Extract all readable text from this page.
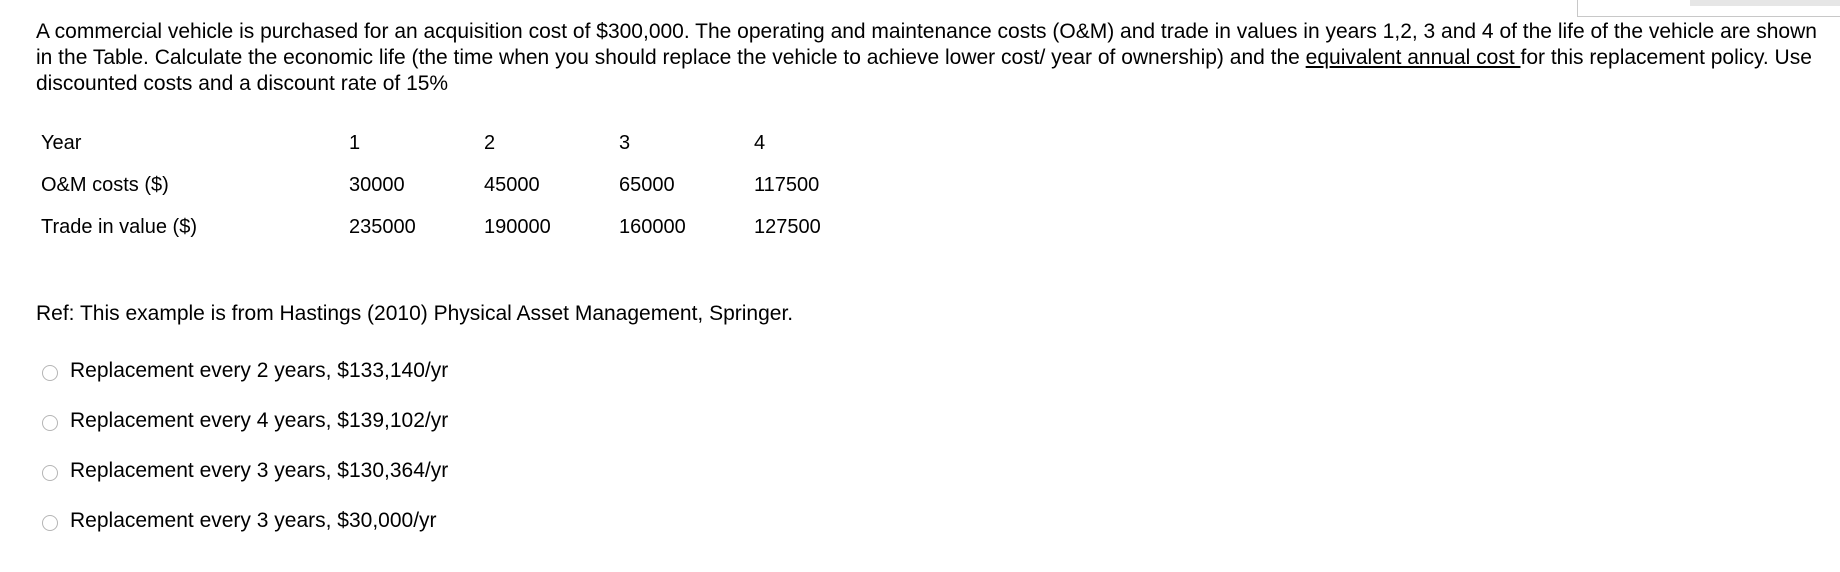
A commercial vehicle is purchased for an acquisition cost of $300,000. The operating and maintenance costs (O&M) and trade in values in years 1,2, 3 and 4 of the life of the vehicle are shown in the Table. Calculate the economic life (the time when you should replace the vehicle to achieve lower cost/ year of ownership) and the equivalent annual cost for this replacement policy. Use discounted costs and a discount rate of 15%
Year	1	2	3	4
O&M costs ($)	30000	45000	65000	117500
Trade in value ($)	235000	190000	160000	127500
Ref: This example is from Hastings (2010) Physical Asset Management, Springer.
Replacement every 2 years, $133,140/yr
Replacement every 4 years, $139,102/yr
Replacement every 3 years, $130,364/yr
Replacement every 3 years, $30,000/yr
